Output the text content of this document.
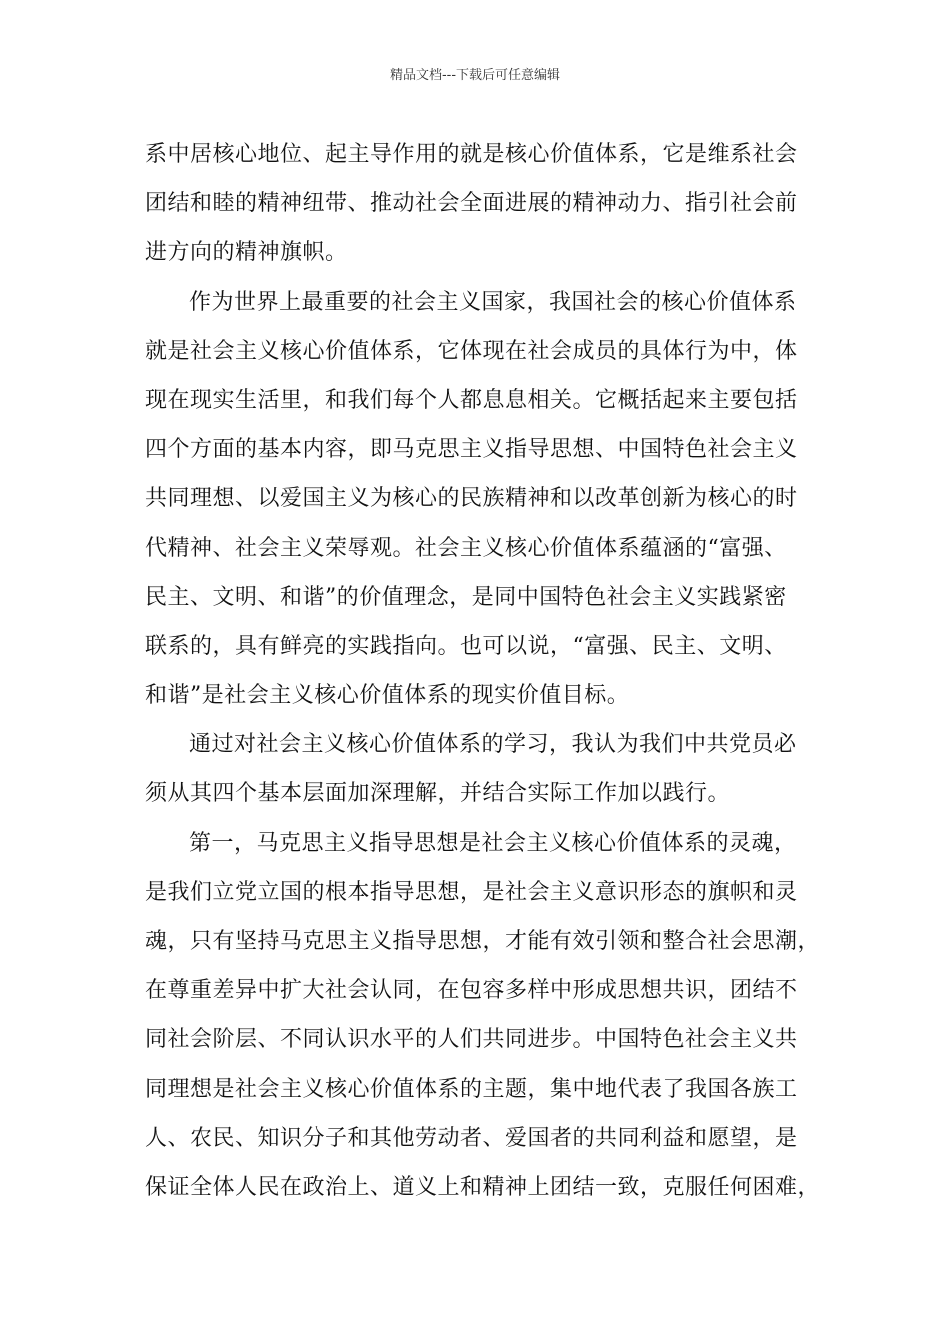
精品文档---下载后可任意编辑
系中居核心地位、起主导作用的就是核心价值体系，它是维系社会
团结和睦的精神纽带、推动社会全面进展的精神动力、指引社会前
进方向的精神旗帜。
作为世界上最重要的社会主义国家，我国社会的核心价值体系
就是社会主义核心价值体系，它体现在社会成员的具体行为中，体
现在现实生活里，和我们每个人都息息相关。它概括起来主要包括
四个方面的基本内容，即马克思主义指导思想、中国特色社会主义
共同理想、以爱国主义为核心的民族精神和以改革创新为核心的时
代精神、社会主义荣辱观。社会主义核心价值体系蕴涵的“富强、
民主、文明、和谐”的价值理念，是同中国特色社会主义实践紧密
联系的，具有鲜亮的实践指向。也可以说，“富强、民主、文明、
和谐”是社会主义核心价值体系的现实价值目标。
通过对社会主义核心价值体系的学习，我认为我们中共党员必
须从其四个基本层面加深理解，并结合实际工作加以践行。
第一，马克思主义指导思想是社会主义核心价值体系的灵魂，
是我们立党立国的根本指导思想，是社会主义意识形态的旗帜和灵
魂，只有坚持马克思主义指导思想，才能有效引领和整合社会思潮，
在尊重差异中扩大社会认同，在包容多样中形成思想共识，团结不
同社会阶层、不同认识水平的人们共同进步。中国特色社会主义共
同理想是社会主义核心价值体系的主题，集中地代表了我国各族工
人、农民、知识分子和其他劳动者、爱国者的共同利益和愿望，是
保证全体人民在政治上、道义上和精神上团结一致，克服任何困难，
